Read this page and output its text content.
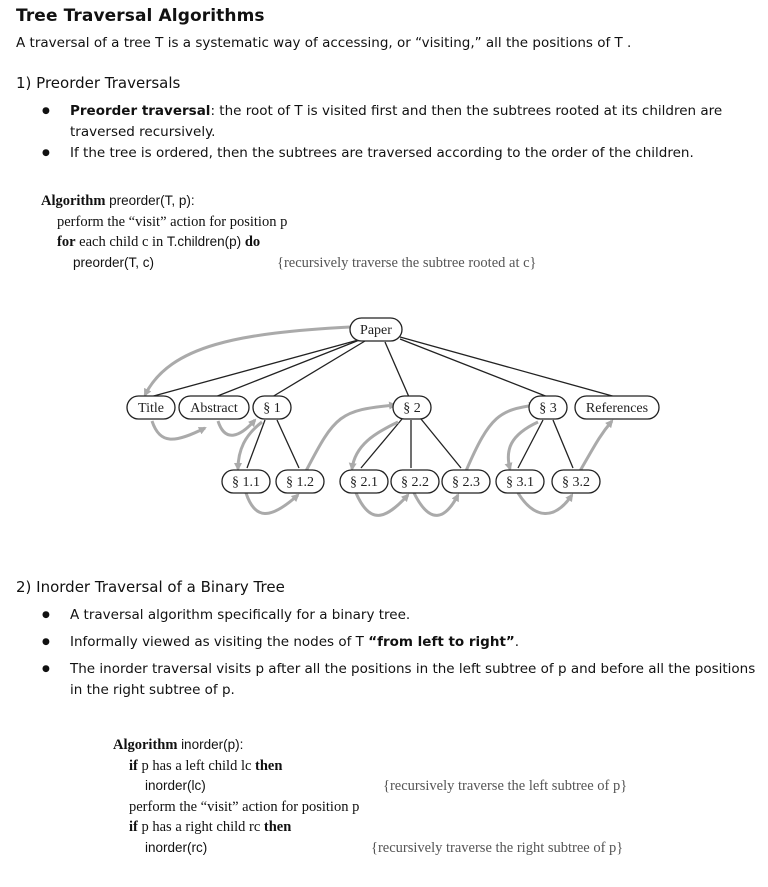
Tree Traversal Algorithms
A traversal of a tree T is a systematic way of accessing, or “visiting,” all the positions of T .
1) Preorder Traversals
● Preorder traversal: the root of T is visited first and then the subtrees rooted at its children are traversed recursively.
● If the tree is ordered, then the subtrees are traversed according to the order of the children.
Algorithm preorder(T, p):
perform the “visit” action for position p
for each child c in T.children(p) do
preorder(T, c)	{recursively traverse the subtree rooted at c}
Paper
Title Abstract § 1	§ 2	§ 3 References
§ 1.1 § 1.2	§ 2.1 § 2.2 § 2.3 § 3.1 § 3.2
2) Inorder Traversal of a Binary Tree
● A traversal algorithm specifically for a binary tree.
● Informally viewed as visiting the nodes of T “from left to right”.
● The inorder traversal visits p after all the positions in the left subtree of p and before all the positions in the right subtree of p.
Algorithm inorder(p):
if p has a left child lc then
inorder(lc)	{recursively traverse the left subtree of p}
perform the “visit” action for position p
if p has a right child rc then
inorder(rc)	{recursively traverse the right subtree of p}
